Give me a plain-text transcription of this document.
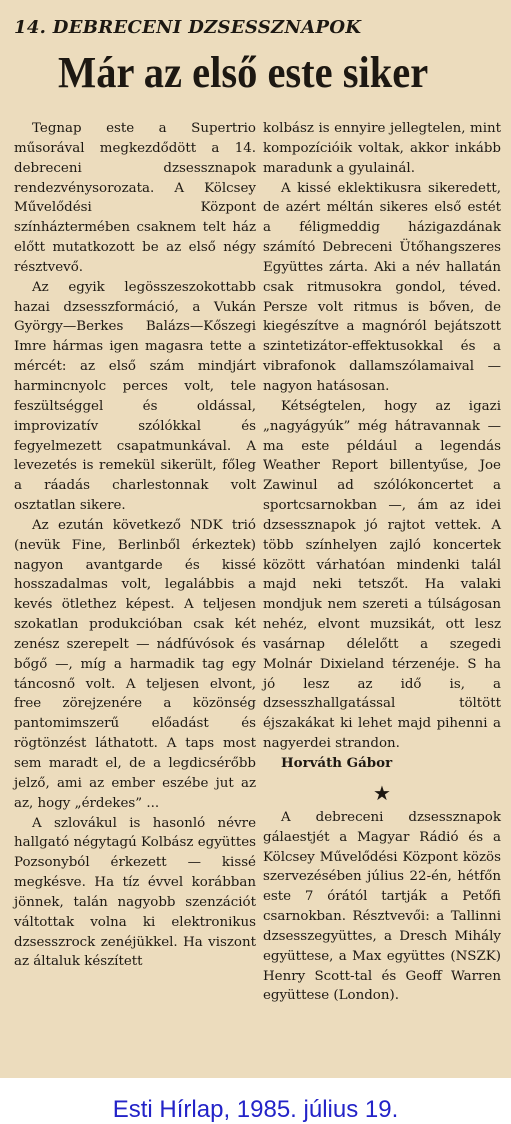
14. DEBRECENI DZSESSZNAPOK
Már az első este siker

Tegnap este a Supertrio műsorával megkezdődött a 14. debreceni dzsessznapok rendezvénysorozata. A Kölcsey Művelődési Központ színháztermében csaknem telt ház előtt mutatkozott be az első négy résztvevő.

Az egyik legösszeszokottabb hazai dzsesszformáció, a Vukán György—Berkes Balázs—Kőszegi Imre hármas igen magasra tette a mércét: az első szám mindjárt harmincnyolc perces volt, tele feszültséggel és oldással, improvizatív szólókkal és fegyelmezett csapatmunkával. A levezetés is remekül sikerült, főleg a ráadás charlestonnak volt osztatlan sikere.

Az ezután következő NDK trió (nevük Fine, Berlinből érkeztek) nagyon avantgarde és kissé hosszadalmas volt, legalábbis a kevés ötlethez képest. A teljesen szokatlan produkcióban csak két zenész szerepelt — nádfúvósok és bőgő —, míg a harmadik tag egy táncosnő volt. A teljesen elvont, free zörejzenére a közönség pantomimszerű előadást és rögtönzést láthatott. A taps most sem maradt el, de a legdicsérőbb jelző, ami az ember eszébe jut az az, hogy „érdekes” ...

A szlovákul is hasonló névre hallgató négytagú Kolbász együttes Pozsonyból érkezett — kissé megkésve. Ha tíz évvel korábban jönnek, talán nagyobb szenzációt váltottak volna ki elektronikus dzsesszrock zenéjükkel. Ha viszont az általuk készített

kolbász is ennyire jellegtelen, mint kompozícióik voltak, akkor inkább maradunk a gyulainál.

A kissé eklektikusra sikeredett, de azért méltán sikeres első estét a féligmeddig házigazdának számító Debreceni Ütőhangszeres Együttes zárta. Aki a név hallatán csak ritmusokra gondol, téved. Persze volt ritmus is bőven, de kiegészítve a magnóról bejátszott szintetizátor-effektusokkal és a vibrafonok dallamszólamaival — nagyon hatásosan.

Kétségtelen, hogy az igazi „nagyágyúk” még hátravannak — ma este például a legendás Weather Report billentyűse, Joe Zawinul ad szólókoncertet a sportcsarnokban —, ám az idei dzsessznapok jó rajtot vettek. A több színhelyen zajló koncertek között várhatóan mindenki talál majd neki tetszőt. Ha valaki mondjuk nem szereti a túlságosan nehéz, elvont muzsikát, ott lesz vasárnap délelőtt a szegedi Molnár Dixieland térzenéje. S ha jó lesz az idő is, a dzsesszhallgatással töltött éjszakákat ki lehet majd pihenni a nagyerdei strandon.

Horváth Gábor

★

A debreceni dzsessznapok gálaestjét a Magyar Rádió és a Kölcsey Művelődési Központ közös szervezésében július 22-én, hétfőn este 7 órától tartják a Petőfi csarnokban. Résztvevői: a Tallinni dzsesszegyüttes, a Dresch Mihály együttese, a Max együttes (NSZK) Henry Scott-tal és Geoff Warren együttese (London).

Esti Hírlap, 1985. július 19.
